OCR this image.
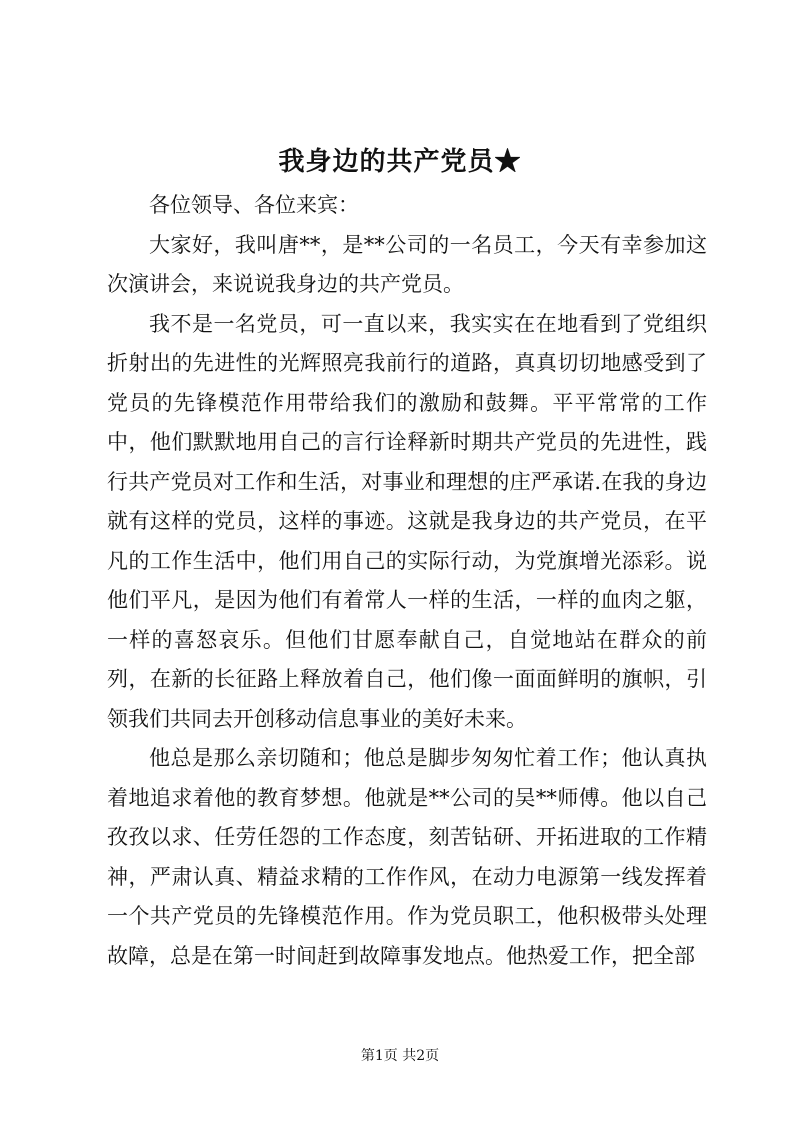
我身边的共产党员★

各位领导、各位来宾：

大家好，我叫唐**，是**公司的一名员工，今天有幸参加这次演讲会，来说说我身边的共产党员。

我不是一名党员，可一直以来，我实实在在地看到了党组织折射出的先进性的光辉照亮我前行的道路，真真切切地感受到了党员的先锋模范作用带给我们的激励和鼓舞。平平常常的工作中，他们默默地用自己的言行诠释新时期共产党员的先进性，践行共产党员对工作和生活，对事业和理想的庄严承诺.在我的身边就有这样的党员，这样的事迹。这就是我身边的共产党员，在平凡的工作生活中，他们用自己的实际行动，为党旗增光添彩。说他们平凡，是因为他们有着常人一样的生活，一样的血肉之躯，一样的喜怒哀乐。但他们甘愿奉献自己，自觉地站在群众的前列，在新的长征路上释放着自己，他们像一面面鲜明的旗帜，引领我们共同去开创移动信息事业的美好未来。

他总是那么亲切随和；他总是脚步匆匆忙着工作；他认真执着地追求着他的教育梦想。他就是**公司的吴**师傅。他以自己孜孜以求、任劳任怨的工作态度，刻苦钻研、开拓进取的工作精神，严肃认真、精益求精的工作作风，在动力电源第一线发挥着一个共产党员的先锋模范作用。作为党员职工，他积极带头处理故障，总是在第一时间赶到故障事发地点。他热爱工作，把全部

第1页 共2页
